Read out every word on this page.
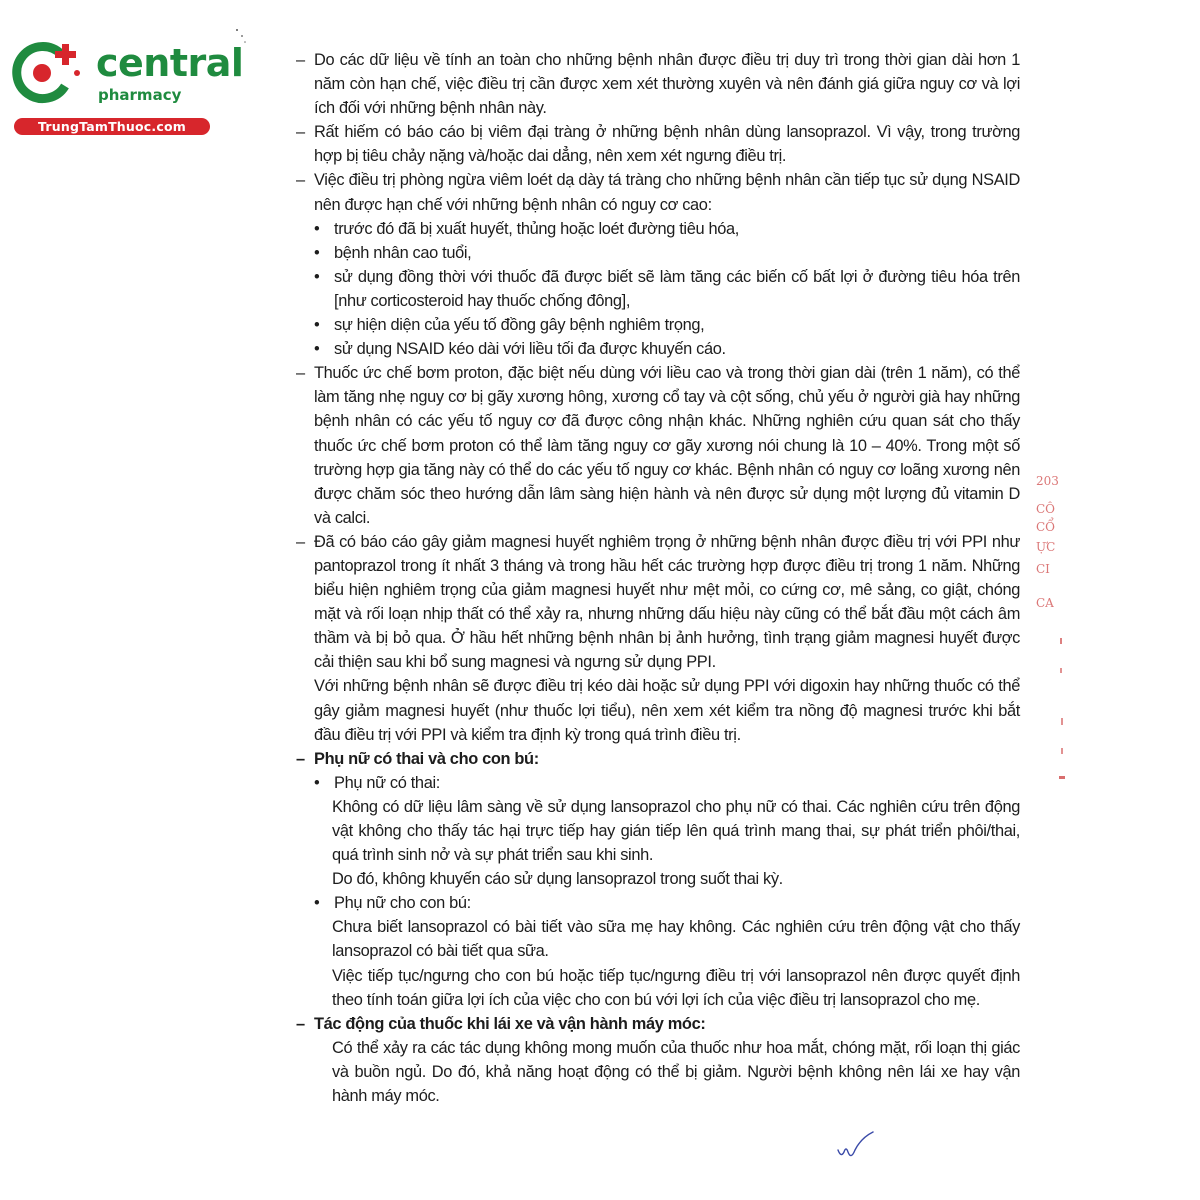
central
pharmacy
TrungTamThuoc.com

– Do các dữ liệu về tính an toàn cho những bệnh nhân được điều trị duy trì trong thời gian dài hơn 1 năm còn hạn chế, việc điều trị cần được xem xét thường xuyên và nên đánh giá giữa nguy cơ và lợi ích đối với những bệnh nhân này.

– Rất hiếm có báo cáo bị viêm đại tràng ở những bệnh nhân dùng lansoprazol. Vì vậy, trong trường hợp bị tiêu chảy nặng và/hoặc dai dẳng, nên xem xét ngưng điều trị.

– Việc điều trị phòng ngừa viêm loét dạ dày tá tràng cho những bệnh nhân cần tiếp tục sử dụng NSAID nên được hạn chế với những bệnh nhân có nguy cơ cao:

• trước đó đã bị xuất huyết, thủng hoặc loét đường tiêu hóa,

• bệnh nhân cao tuổi,

• sử dụng đồng thời với thuốc đã được biết sẽ làm tăng các biến cố bất lợi ở đường tiêu hóa trên [như corticosteroid hay thuốc chống đông],

• sự hiện diện của yếu tố đồng gây bệnh nghiêm trọng,

• sử dụng NSAID kéo dài với liều tối đa được khuyến cáo.

– Thuốc ức chế bơm proton, đặc biệt nếu dùng với liều cao và trong thời gian dài (trên 1 năm), có thể làm tăng nhẹ nguy cơ bị gãy xương hông, xương cổ tay và cột sống, chủ yếu ở người già hay những bệnh nhân có các yếu tố nguy cơ đã được công nhận khác. Những nghiên cứu quan sát cho thấy thuốc ức chế bơm proton có thể làm tăng nguy cơ gãy xương nói chung là 10 – 40%. Trong một số trường hợp gia tăng này có thể do các yếu tố nguy cơ khác. Bệnh nhân có nguy cơ loãng xương nên được chăm sóc theo hướng dẫn lâm sàng hiện hành và nên được sử dụng một lượng đủ vitamin D và calci.

– Đã có báo cáo gây giảm magnesi huyết nghiêm trọng ở những bệnh nhân được điều trị với PPI như pantoprazol trong ít nhất 3 tháng và trong hầu hết các trường hợp được điều trị trong 1 năm. Những biểu hiện nghiêm trọng của giảm magnesi huyết như mệt mỏi, co cứng cơ, mê sảng, co giật, chóng mặt và rối loạn nhịp thất có thể xảy ra, nhưng những dấu hiệu này cũng có thể bắt đầu một cách âm thầm và bị bỏ qua. Ở hầu hết những bệnh nhân bị ảnh hưởng, tình trạng giảm magnesi huyết được cải thiện sau khi bổ sung magnesi và ngưng sử dụng PPI.

Với những bệnh nhân sẽ được điều trị kéo dài hoặc sử dụng PPI với digoxin hay những thuốc có thể gây giảm magnesi huyết (như thuốc lợi tiểu), nên xem xét kiểm tra nồng độ magnesi trước khi bắt đầu điều trị với PPI và kiểm tra định kỳ trong quá trình điều trị.

– Phụ nữ có thai và cho con bú:

• Phụ nữ có thai:

Không có dữ liệu lâm sàng về sử dụng lansoprazol cho phụ nữ có thai. Các nghiên cứu trên động vật không cho thấy tác hại trực tiếp hay gián tiếp lên quá trình mang thai, sự phát triển phôi/thai, quá trình sinh nở và sự phát triển sau khi sinh.

Do đó, không khuyến cáo sử dụng lansoprazol trong suốt thai kỳ.

• Phụ nữ cho con bú:

Chưa biết lansoprazol có bài tiết vào sữa mẹ hay không. Các nghiên cứu trên động vật cho thấy lansoprazol có bài tiết qua sữa.

Việc tiếp tục/ngưng cho con bú hoặc tiếp tục/ngưng điều trị với lansoprazol nên được quyết định theo tính toán giữa lợi ích của việc cho con bú với lợi ích của việc điều trị lansoprazol cho mẹ.

– Tác động của thuốc khi lái xe và vận hành máy móc:

Có thể xảy ra các tác dụng không mong muốn của thuốc như hoa mắt, chóng mặt, rối loạn thị giác và buồn ngủ. Do đó, khả năng hoạt động có thể bị giảm. Người bệnh không nên lái xe hay vận hành máy móc.

203
CÔ
CỔ
ỰC
CI
CA
